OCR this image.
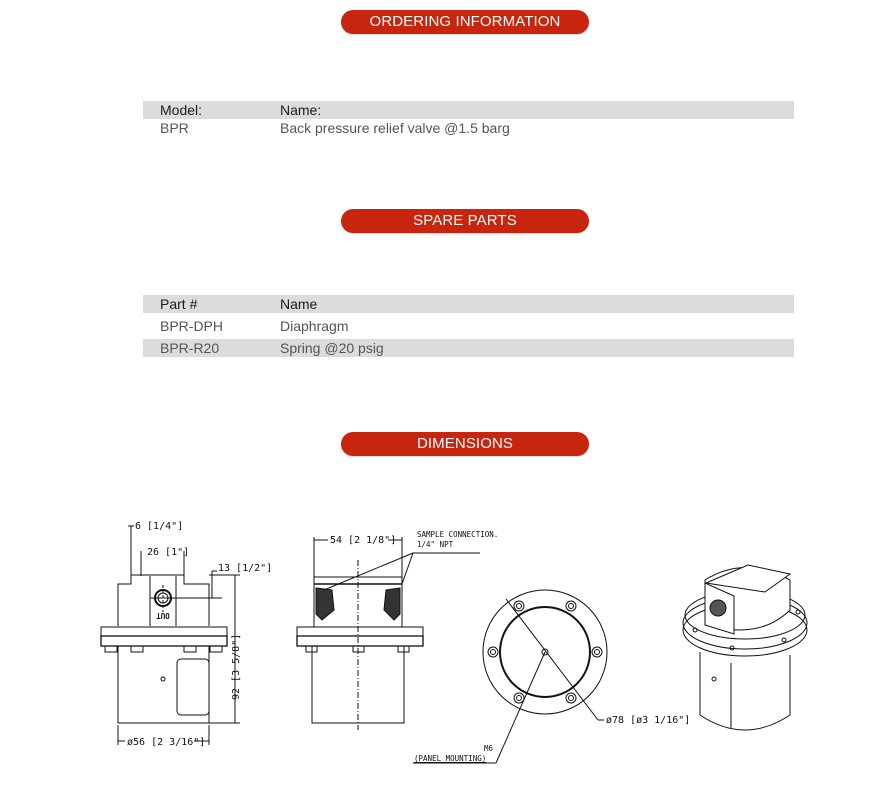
ORDERING INFORMATION
Model:	Name:
BPR	Back pressure relief valve @1.5 barg
SPARE PARTS
Part #	Name
BPR-DPH	Diaphragm
BPR-R20	Spring @20 psig
DIMENSIONS
OUT
6 [1/4"]
26 [1"]
13 [1/2"]
92 [3 5/8"]
ø56 [2 3/16"]
54 [2 1/8"]
SAMPLE CONNECTION.
1/4" NPT
ø78 [ø3 1/16"]
M6
(PANEL MOUNTING)
